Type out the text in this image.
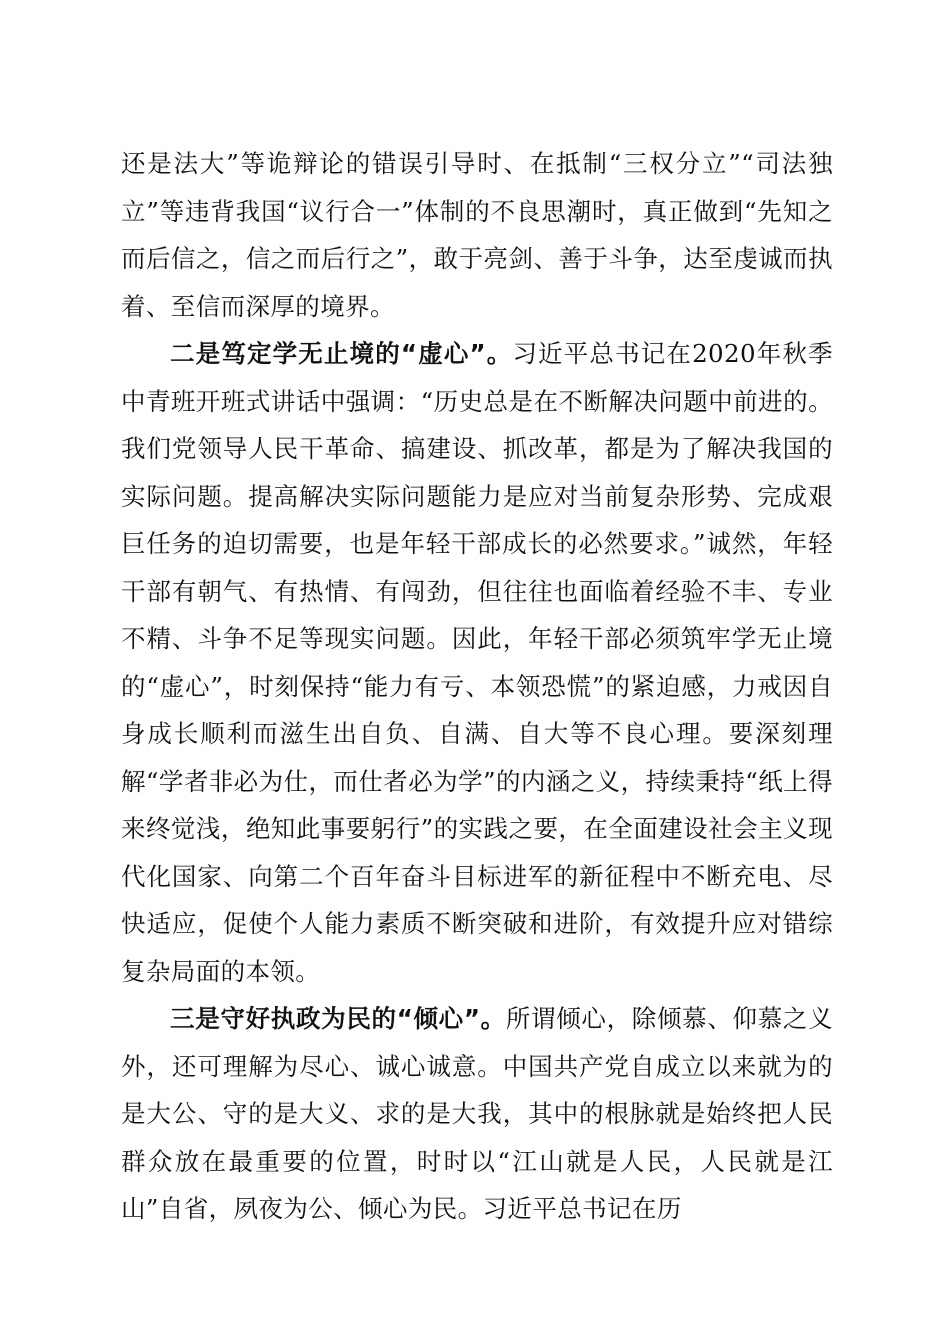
还是法大”等诡辩论的错误引导时、在抵制“三权分立”“司法独立”等违背我国“议行合一”体制的不良思潮时，真正做到“先知之而后信之，信之而后行之”，敢于亮剑、善于斗争，达至虔诚而执着、至信而深厚的境界。

二是笃定学无止境的“虚心”。习近平总书记在2020年秋季中青班开班式讲话中强调：“历史总是在不断解决问题中前进的。我们党领导人民干革命、搞建设、抓改革，都是为了解决我国的实际问题。提高解决实际问题能力是应对当前复杂形势、完成艰巨任务的迫切需要，也是年轻干部成长的必然要求。”诚然，年轻干部有朝气、有热情、有闯劲，但往往也面临着经验不丰、专业不精、斗争不足等现实问题。因此，年轻干部必须筑牢学无止境的“虚心”，时刻保持“能力有亏、本领恐慌”的紧迫感，力戒因自身成长顺利而滋生出自负、自满、自大等不良心理。要深刻理解“学者非必为仕，而仕者必为学”的内涵之义，持续秉持“纸上得来终觉浅，绝知此事要躬行”的实践之要，在全面建设社会主义现代化国家、向第二个百年奋斗目标进军的新征程中不断充电、尽快适应，促使个人能力素质不断突破和进阶，有效提升应对错综复杂局面的本领。

三是守好执政为民的“倾心”。所谓倾心，除倾慕、仰慕之义外，还可理解为尽心、诚心诚意。中国共产党自成立以来就为的是大公、守的是大义、求的是大我，其中的根脉就是始终把人民群众放在最重要的位置，时时以“江山就是人民，人民就是江山”自省，夙夜为公、倾心为民。习近平总书记在历
